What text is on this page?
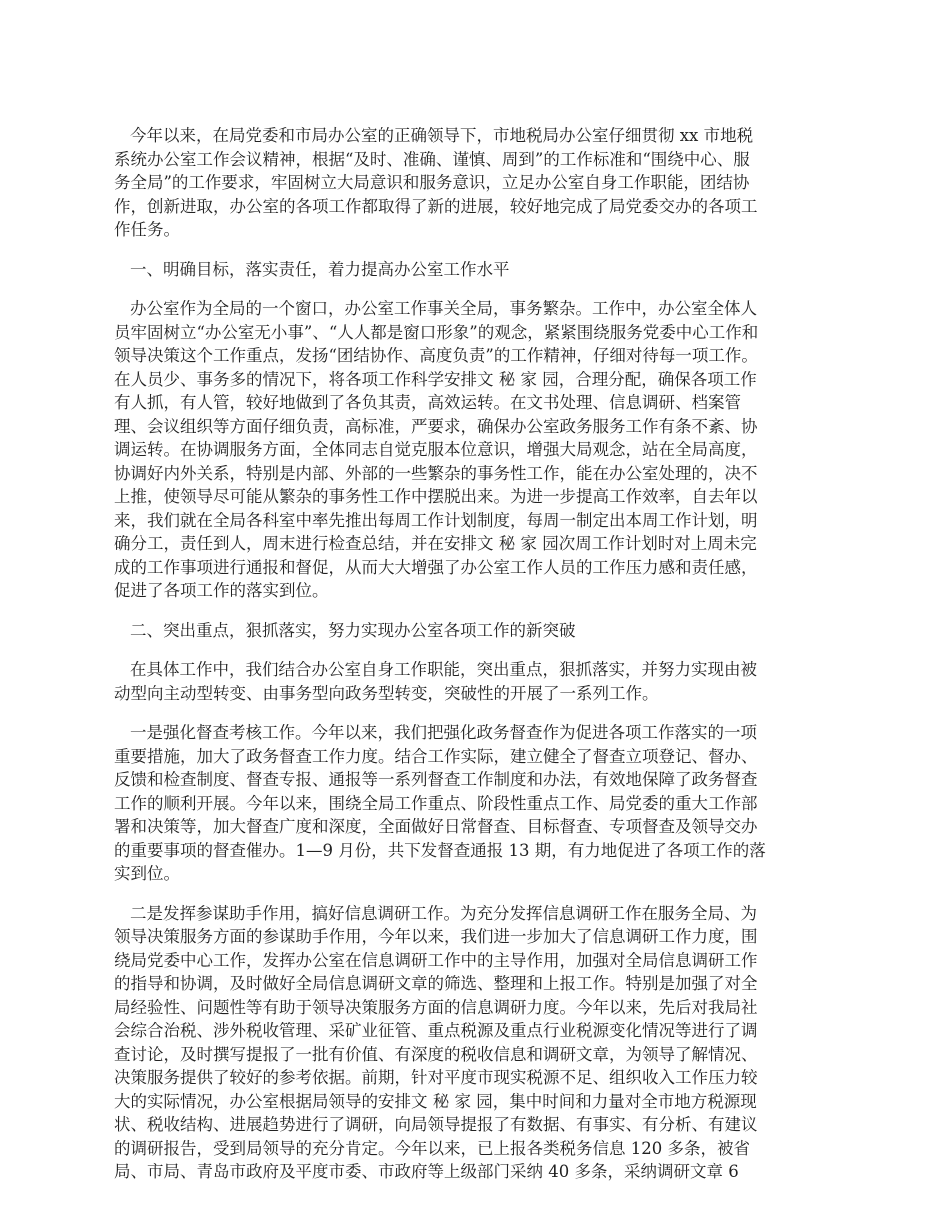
今年以来，在局党委和市局办公室的正确领导下，市地税局办公室仔细贯彻 xx 市地税
系统办公室工作会议精神，根据“及时、准确、谨慎、周到”的工作标准和“围绕中心、服
务全局”的工作要求，牢固树立大局意识和服务意识，立足办公室自身工作职能，团结协
作，创新进取，办公室的各项工作都取得了新的进展，较好地完成了局党委交办的各项工
作任务。
一、明确目标，落实责任，着力提高办公室工作水平
办公室作为全局的一个窗口，办公室工作事关全局，事务繁杂。工作中，办公室全体人
员牢固树立“办公室无小事”、“人人都是窗口形象”的观念，紧紧围绕服务党委中心工作和
领导决策这个工作重点，发扬“团结协作、高度负责”的工作精神，仔细对待每一项工作。
在人员少、事务多的情况下，将各项工作科学安排文 秘 家 园，合理分配，确保各项工作
有人抓，有人管，较好地做到了各负其责，高效运转。在文书处理、信息调研、档案管
理、会议组织等方面仔细负责，高标准，严要求，确保办公室政务服务工作有条不紊、协
调运转。在协调服务方面，全体同志自觉克服本位意识，增强大局观念，站在全局高度，
协调好内外关系，特别是内部、外部的一些繁杂的事务性工作，能在办公室处理的，决不
上推，使领导尽可能从繁杂的事务性工作中摆脱出来。为进一步提高工作效率，自去年以
来，我们就在全局各科室中率先推出每周工作计划制度，每周一制定出本周工作计划，明
确分工，责任到人，周末进行检查总结，并在安排文 秘 家 园次周工作计划时对上周未完
成的工作事项进行通报和督促，从而大大增强了办公室工作人员的工作压力感和责任感，
促进了各项工作的落实到位。
二、突出重点，狠抓落实，努力实现办公室各项工作的新突破
在具体工作中，我们结合办公室自身工作职能，突出重点，狠抓落实，并努力实现由被
动型向主动型转变、由事务型向政务型转变，突破性的开展了一系列工作。
一是强化督查考核工作。今年以来，我们把强化政务督查作为促进各项工作落实的一项
重要措施，加大了政务督查工作力度。结合工作实际，建立健全了督查立项登记、督办、
反馈和检查制度、督查专报、通报等一系列督查工作制度和办法，有效地保障了政务督查
工作的顺利开展。今年以来，围绕全局工作重点、阶段性重点工作、局党委的重大工作部
署和决策等，加大督查广度和深度，全面做好日常督查、目标督查、专项督查及领导交办
的重要事项的督查催办。1—9 月份，共下发督查通报 13 期，有力地促进了各项工作的落
实到位。
二是发挥参谋助手作用，搞好信息调研工作。为充分发挥信息调研工作在服务全局、为
领导决策服务方面的参谋助手作用，今年以来，我们进一步加大了信息调研工作力度，围
绕局党委中心工作，发挥办公室在信息调研工作中的主导作用，加强对全局信息调研工作
的指导和协调，及时做好全局信息调研文章的筛选、整理和上报工作。特别是加强了对全
局经验性、问题性等有助于领导决策服务方面的信息调研力度。今年以来，先后对我局社
会综合治税、涉外税收管理、采矿业征管、重点税源及重点行业税源变化情况等进行了调
查讨论，及时撰写提报了一批有价值、有深度的税收信息和调研文章，为领导了解情况、
决策服务提供了较好的参考依据。前期，针对平度市现实税源不足、组织收入工作压力较
大的实际情况，办公室根据局领导的安排文 秘 家 园，集中时间和力量对全市地方税源现
状、税收结构、进展趋势进行了调研，向局领导提报了有数据、有事实、有分析、有建议
的调研报告，受到局领导的充分肯定。今年以来，已上报各类税务信息 120 多条，被省
局、市局、青岛市政府及平度市委、市政府等上级部门采纳 40 多条，采纳调研文章 6
